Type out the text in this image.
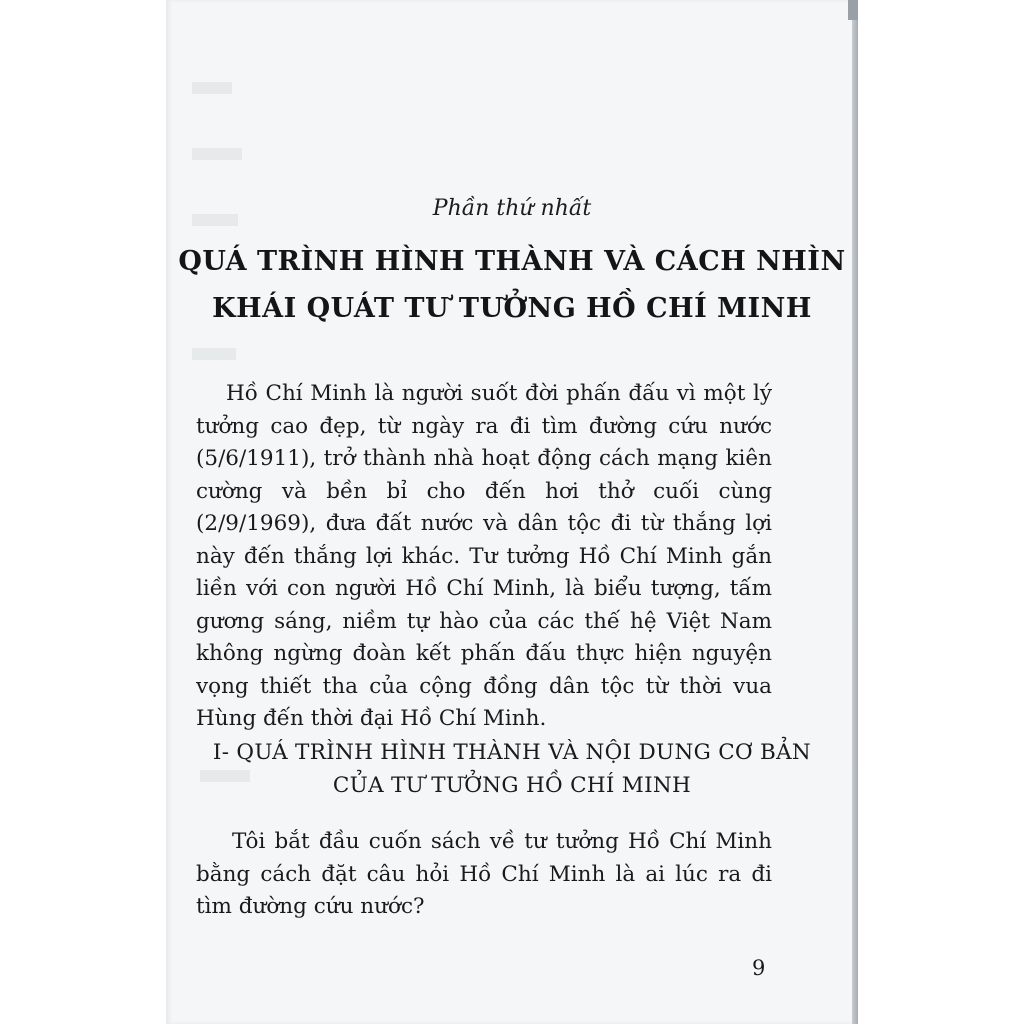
Phần thứ nhất
QUÁ TRÌNH HÌNH THÀNH VÀ CÁCH NHÌN
KHÁI QUÁT TƯ TƯỞNG HỒ CHÍ MINH
Hồ Chí Minh là người suốt đời phấn đấu vì một lý tưởng cao đẹp, từ ngày ra đi tìm đường cứu nước (5/6/1911), trở thành nhà hoạt động cách mạng kiên cường và bền bỉ cho đến hơi thở cuối cùng (2/9/1969), đưa đất nước và dân tộc đi từ thắng lợi này đến thắng lợi khác. Tư tưởng Hồ Chí Minh gắn liền với con người Hồ Chí Minh, là biểu tượng, tấm gương sáng, niềm tự hào của các thế hệ Việt Nam không ngừng đoàn kết phấn đấu thực hiện nguyện vọng thiết tha của cộng đồng dân tộc từ thời vua Hùng đến thời đại Hồ Chí Minh.
I- QUÁ TRÌNH HÌNH THÀNH VÀ NỘI DUNG CƠ BẢN
CỦA TƯ TƯỞNG HỒ CHÍ MINH
Tôi bắt đầu cuốn sách về tư tưởng Hồ Chí Minh bằng cách đặt câu hỏi Hồ Chí Minh là ai lúc ra đi tìm đường cứu nước?
9
